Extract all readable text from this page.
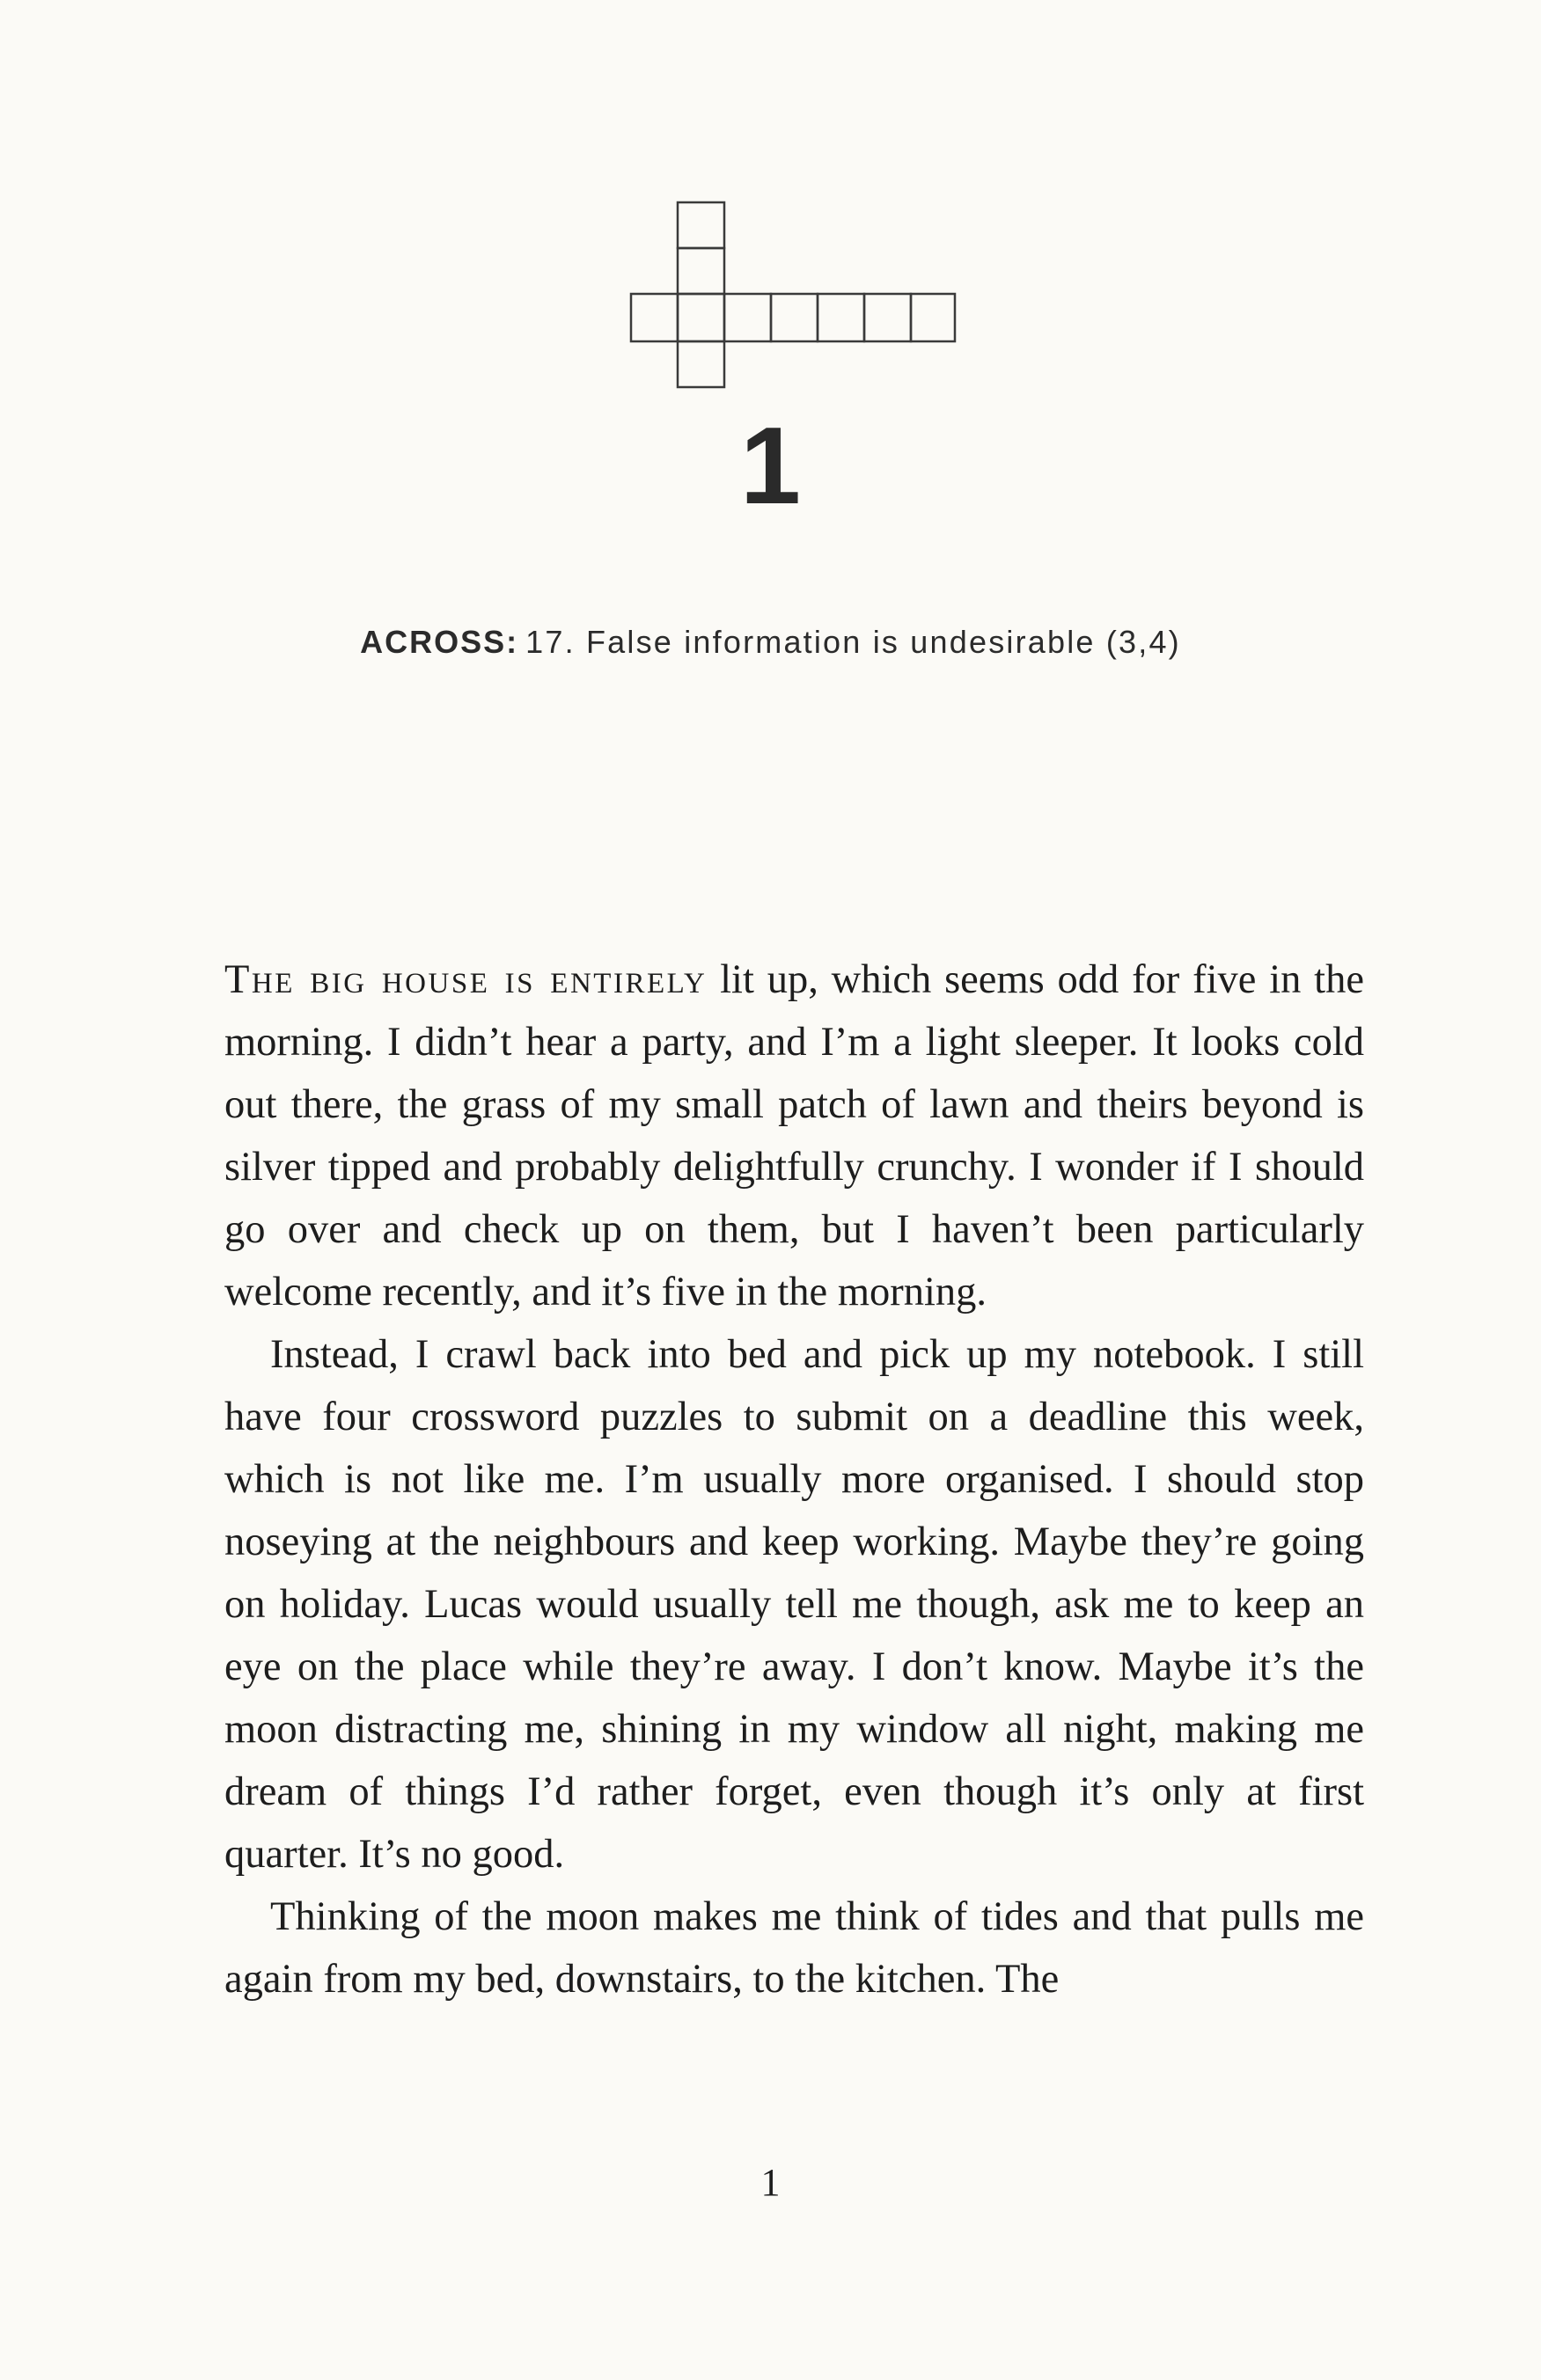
1
ACROSS: 17. False information is undesirable (3,4)

The big house is entirely lit up, which seems odd for five in the morning. I didn’t hear a party, and I’m a light sleeper. It looks cold out there, the grass of my small patch of lawn and theirs beyond is silver tipped and probably delightfully crunchy. I wonder if I should go over and check up on them, but I haven’t been particularly welcome recently, and it’s five in the morning.

Instead, I crawl back into bed and pick up my notebook. I still have four crossword puzzles to submit on a deadline this week, which is not like me. I’m usually more organised. I should stop noseying at the neighbours and keep working. Maybe they’re going on holiday. Lucas would usually tell me though, ask me to keep an eye on the place while they’re away. I don’t know. Maybe it’s the moon distracting me, shining in my window all night, making me dream of things I’d rather forget, even though it’s only at first quarter. It’s no good.

Thinking of the moon makes me think of tides and that pulls me again from my bed, downstairs, to the kitchen. The

1
